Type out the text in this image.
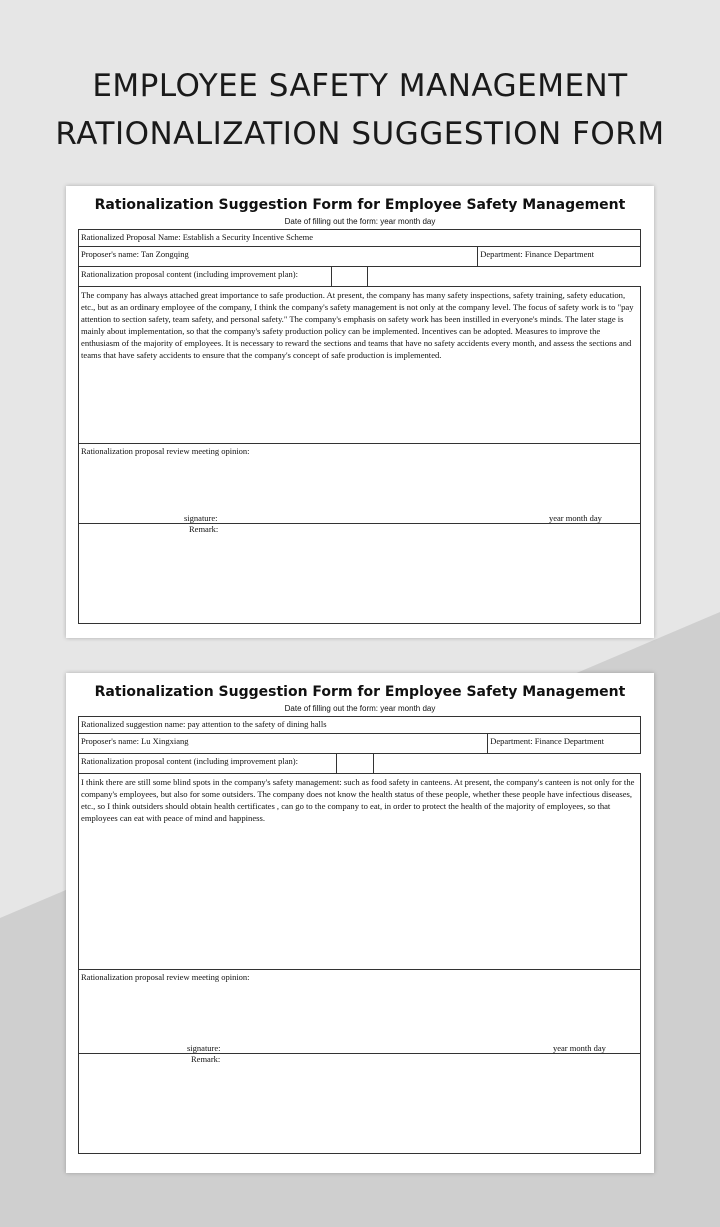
EMPLOYEE SAFETY MANAGEMENT
RATIONALIZATION SUGGESTION FORM
Rationalization Suggestion Form for Employee Safety Management
Date of filling out the form: year month day
Rationalized Proposal Name: Establish a Security Incentive Scheme			
Proposer's name: Tan Zongqing			Department: Finance Department
Rationalization proposal content (including improvement plan):			
The company has always attached great importance to safe production. At present, the company has many safety inspections, safety training, safety education, etc., but as an ordinary employee of the company, I think the company's safety management is not only at the company level. The focus of safety work is to "pay attention to section safety, team safety, and personal safety." The company's emphasis on safety work has been instilled in everyone's minds. The later stage is mainly about implementation, so that the company's safety production policy can be implemented. Incentives can be adopted. Measures to improve the enthusiasm of the majority of employees. It is necessary to reward the sections and teams that have no safety accidents every month, and assess the sections and teams that have safety accidents to ensure that the company's concept of safe production is implemented.			
Rationalization proposal review meeting opinion:
signature: year month day			

Remark:			
Rationalization Suggestion Form for Employee Safety Management
Date of filling out the form: year month day
Rationalized suggestion name: pay attention to the safety of dining halls			
Proposer's name: Lu Xingxiang			Department: Finance Department
Rationalization proposal content (including improvement plan):			
I think there are still some blind spots in the company's safety management: such as food safety in canteens. At present, the company's canteen is not only for the company's employees, but also for some outsiders. The company does not know the health status of these people, whether these people have infectious diseases, etc., so I think outsiders should obtain health certificates , can go to the company to eat, in order to protect the health of the majority of employees, so that employees can eat with peace of mind and happiness.			
Rationalization proposal review meeting opinion:
signature: year month day			

Remark:			
